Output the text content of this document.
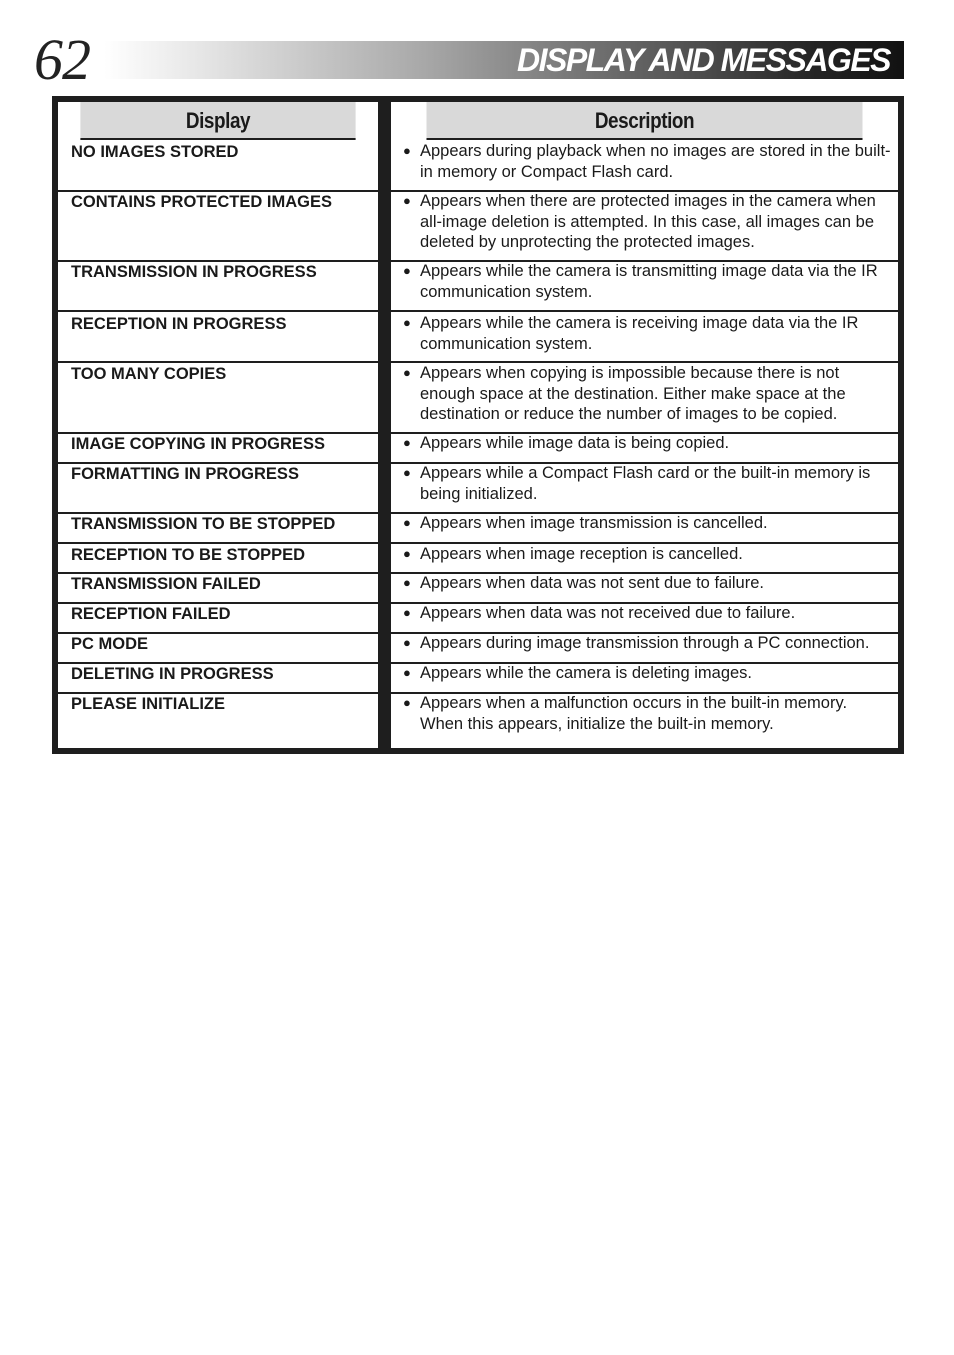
62	DISPLAY AND MESSAGES
Display
NO IMAGES STORED
CONTAINS PROTECTED IMAGES
TRANSMISSION IN PROGRESS
RECEPTION IN PROGRESS
TOO MANY COPIES
IMAGE COPYING IN PROGRESS
FORMATTING IN PROGRESS
TRANSMISSION TO BE STOPPED
RECEPTION TO BE STOPPED
TRANSMISSION FAILED
RECEPTION FAILED
PC MODE
DELETING IN PROGRESS
PLEASE INITIALIZE
Description
● Appears during playback when no images are stored in the built-in memory or Compact Flash card.
● Appears when there are protected images in the camera when all-image deletion is attempted. In this case, all images can be deleted by unprotecting the protected images.
● Appears while the camera is transmitting image data via the IR communication system.
● Appears while the camera is receiving image data via the IR communication system.
● Appears when copying is impossible because there is not enough space at the destination. Either make space at the destination or reduce the number of images to be copied.
● Appears while image data is being copied.
● Appears while a Compact Flash card or the built-in memory is being initialized.
● Appears when image transmission is cancelled.
● Appears when image reception is cancelled.
● Appears when data was not sent due to failure.
● Appears when data was not received due to failure.
● Appears during image transmission through a PC connection.
● Appears while the camera is deleting images.
● Appears when a malfunction occurs in the built-in memory. When this appears, initialize the built-in memory.
